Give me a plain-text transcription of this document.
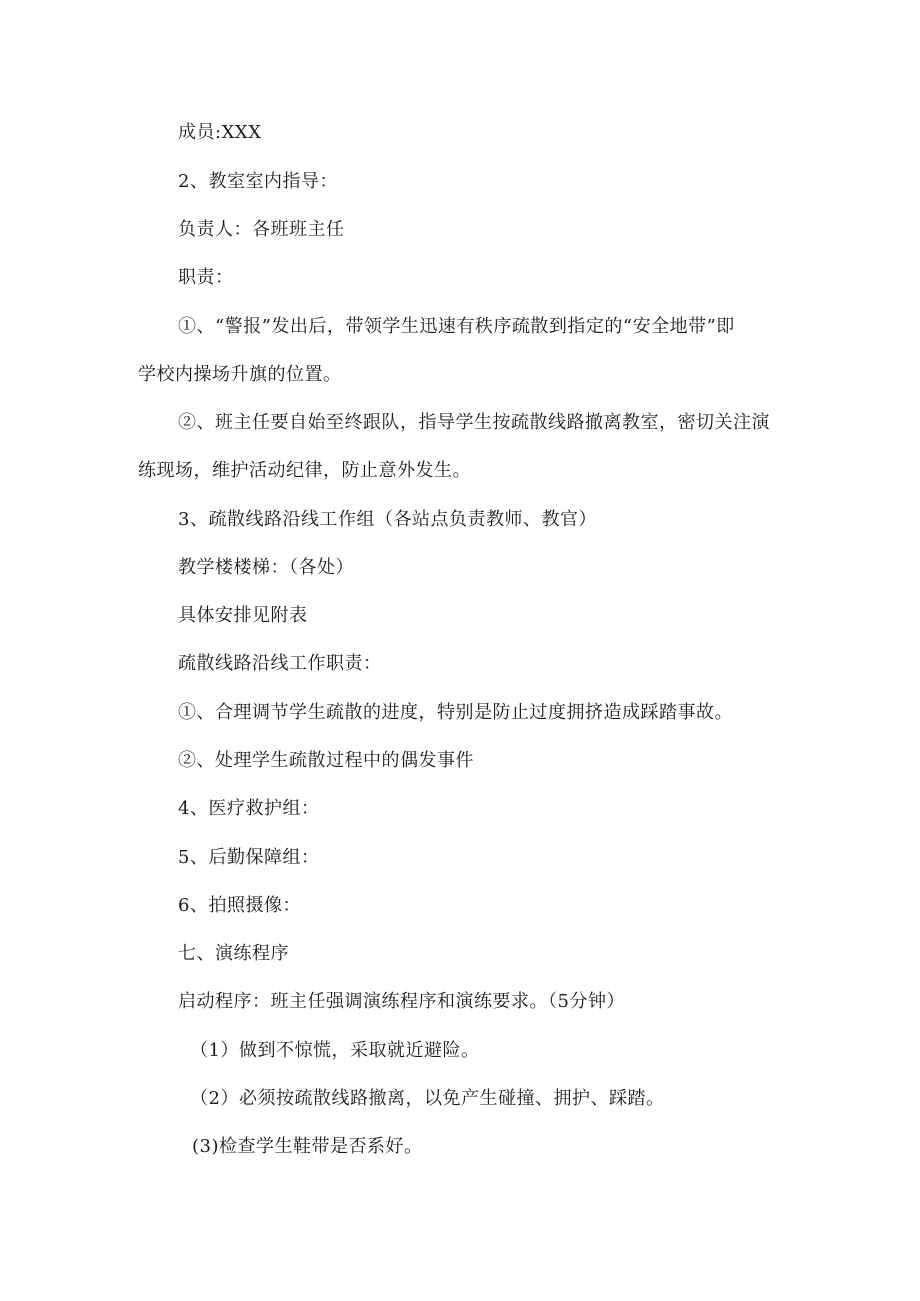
成员:XXX
2、教室室内指导：
负责人：各班班主任
职责：
①、“警报”发出后，带领学生迅速有秩序疏散到指定的“安全地带”即
学校内操场升旗的位置。
②、班主任要自始至终跟队，指导学生按疏散线路撤离教室，密切关注演
练现场，维护活动纪律，防止意外发生。
3、疏散线路沿线工作组（各站点负责教师、教官）
教学楼楼梯：（各处）
具体安排见附表
疏散线路沿线工作职责：
①、合理调节学生疏散的进度，特别是防止过度拥挤造成踩踏事故。
②、处理学生疏散过程中的偶发事件
4、医疗救护组：
5、后勤保障组：
6、拍照摄像：
七、演练程序
启动程序：班主任强调演练程序和演练要求。（5分钟）
（1）做到不惊慌，采取就近避险。
（2）必须按疏散线路撤离，以免产生碰撞、拥护、踩踏。
(3)检查学生鞋带是否系好。
